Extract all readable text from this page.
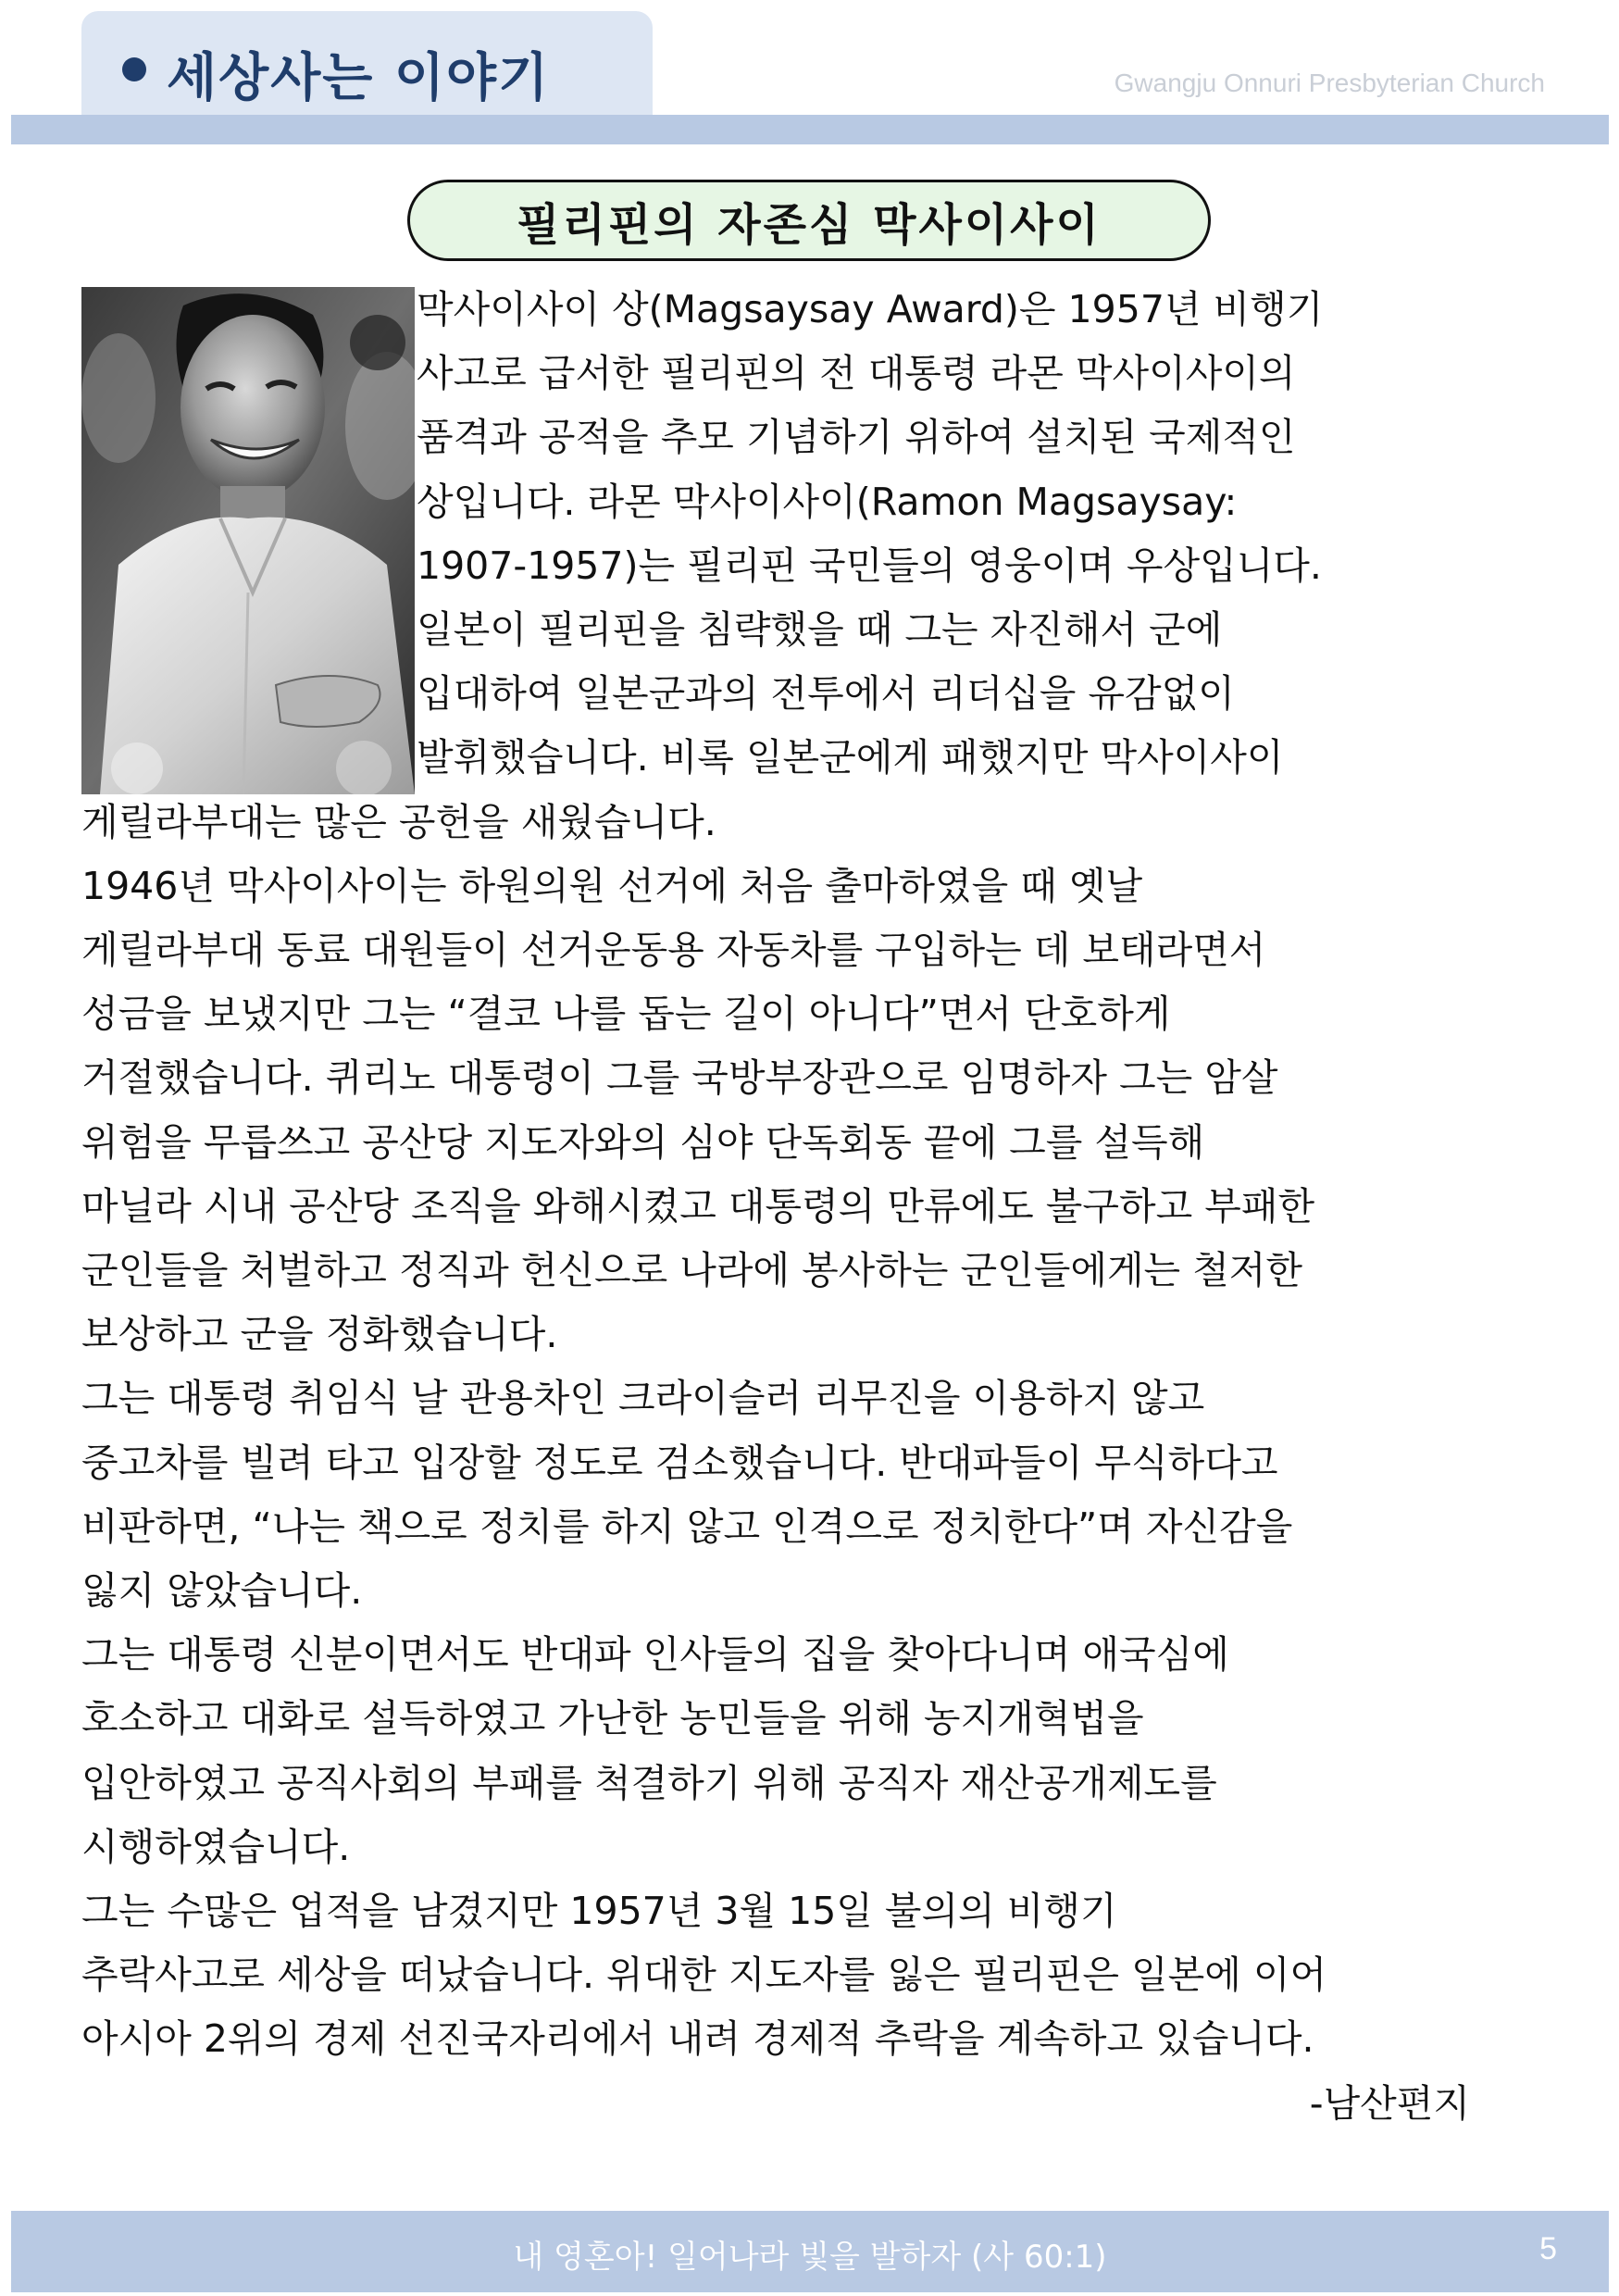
세상사는 이야기	Gwangju Onnuri Presbyterian Church
필리핀의 자존심 막사이사이

막사이사이 상(Magsaysay Award)은 1957년 비행기

사고로 급서한 필리핀의 전 대통령 라몬 막사이사이의

품격과 공적을 추모 기념하기 위하여 설치된 국제적인

상입니다. 라몬 막사이사이(Ramon Magsaysay:

1907-1957)는 필리핀 국민들의 영웅이며 우상입니다.

일본이 필리핀을 침략했을 때 그는 자진해서 군에

입대하여 일본군과의 전투에서 리더십을 유감없이

발휘했습니다. 비록 일본군에게 패했지만 막사이사이

게릴라부대는 많은 공헌을 새웠습니다.

1946년 막사이사이는 하원의원 선거에 처음 출마하였을 때 옛날

게릴라부대 동료 대원들이 선거운동용 자동차를 구입하는 데 보태라면서

성금을 보냈지만 그는 “결코 나를 돕는 길이 아니다”면서 단호하게

거절했습니다. 퀴리노 대통령이 그를 국방부장관으로 임명하자 그는 암살

위험을 무릅쓰고 공산당 지도자와의 심야 단독회동 끝에 그를 설득해

마닐라 시내 공산당 조직을 와해시켰고 대통령의 만류에도 불구하고 부패한

군인들을 처벌하고 정직과 헌신으로 나라에 봉사하는 군인들에게는 철저한

보상하고 군을 정화했습니다.

그는 대통령 취임식 날 관용차인 크라이슬러 리무진을 이용하지 않고

중고차를 빌려 타고 입장할 정도로 검소했습니다. 반대파들이 무식하다고

비판하면, “나는 책으로 정치를 하지 않고 인격으로 정치한다”며 자신감을

잃지 않았습니다.

그는 대통령 신분이면서도 반대파 인사들의 집을 찾아다니며 애국심에

호소하고 대화로 설득하였고 가난한 농민들을 위해 농지개혁법을

입안하였고 공직사회의 부패를 척결하기 위해 공직자 재산공개제도를

시행하였습니다.

그는 수많은 업적을 남겼지만 1957년 3월 15일 불의의 비행기

추락사고로 세상을 떠났습니다. 위대한 지도자를 잃은 필리핀은 일본에 이어

아시아 2위의 경제 선진국자리에서 내려 경제적 추락을 계속하고 있습니다.

-남산편지

내 영혼아! 일어나라 빛을 발하자 (사 60:1)	5
